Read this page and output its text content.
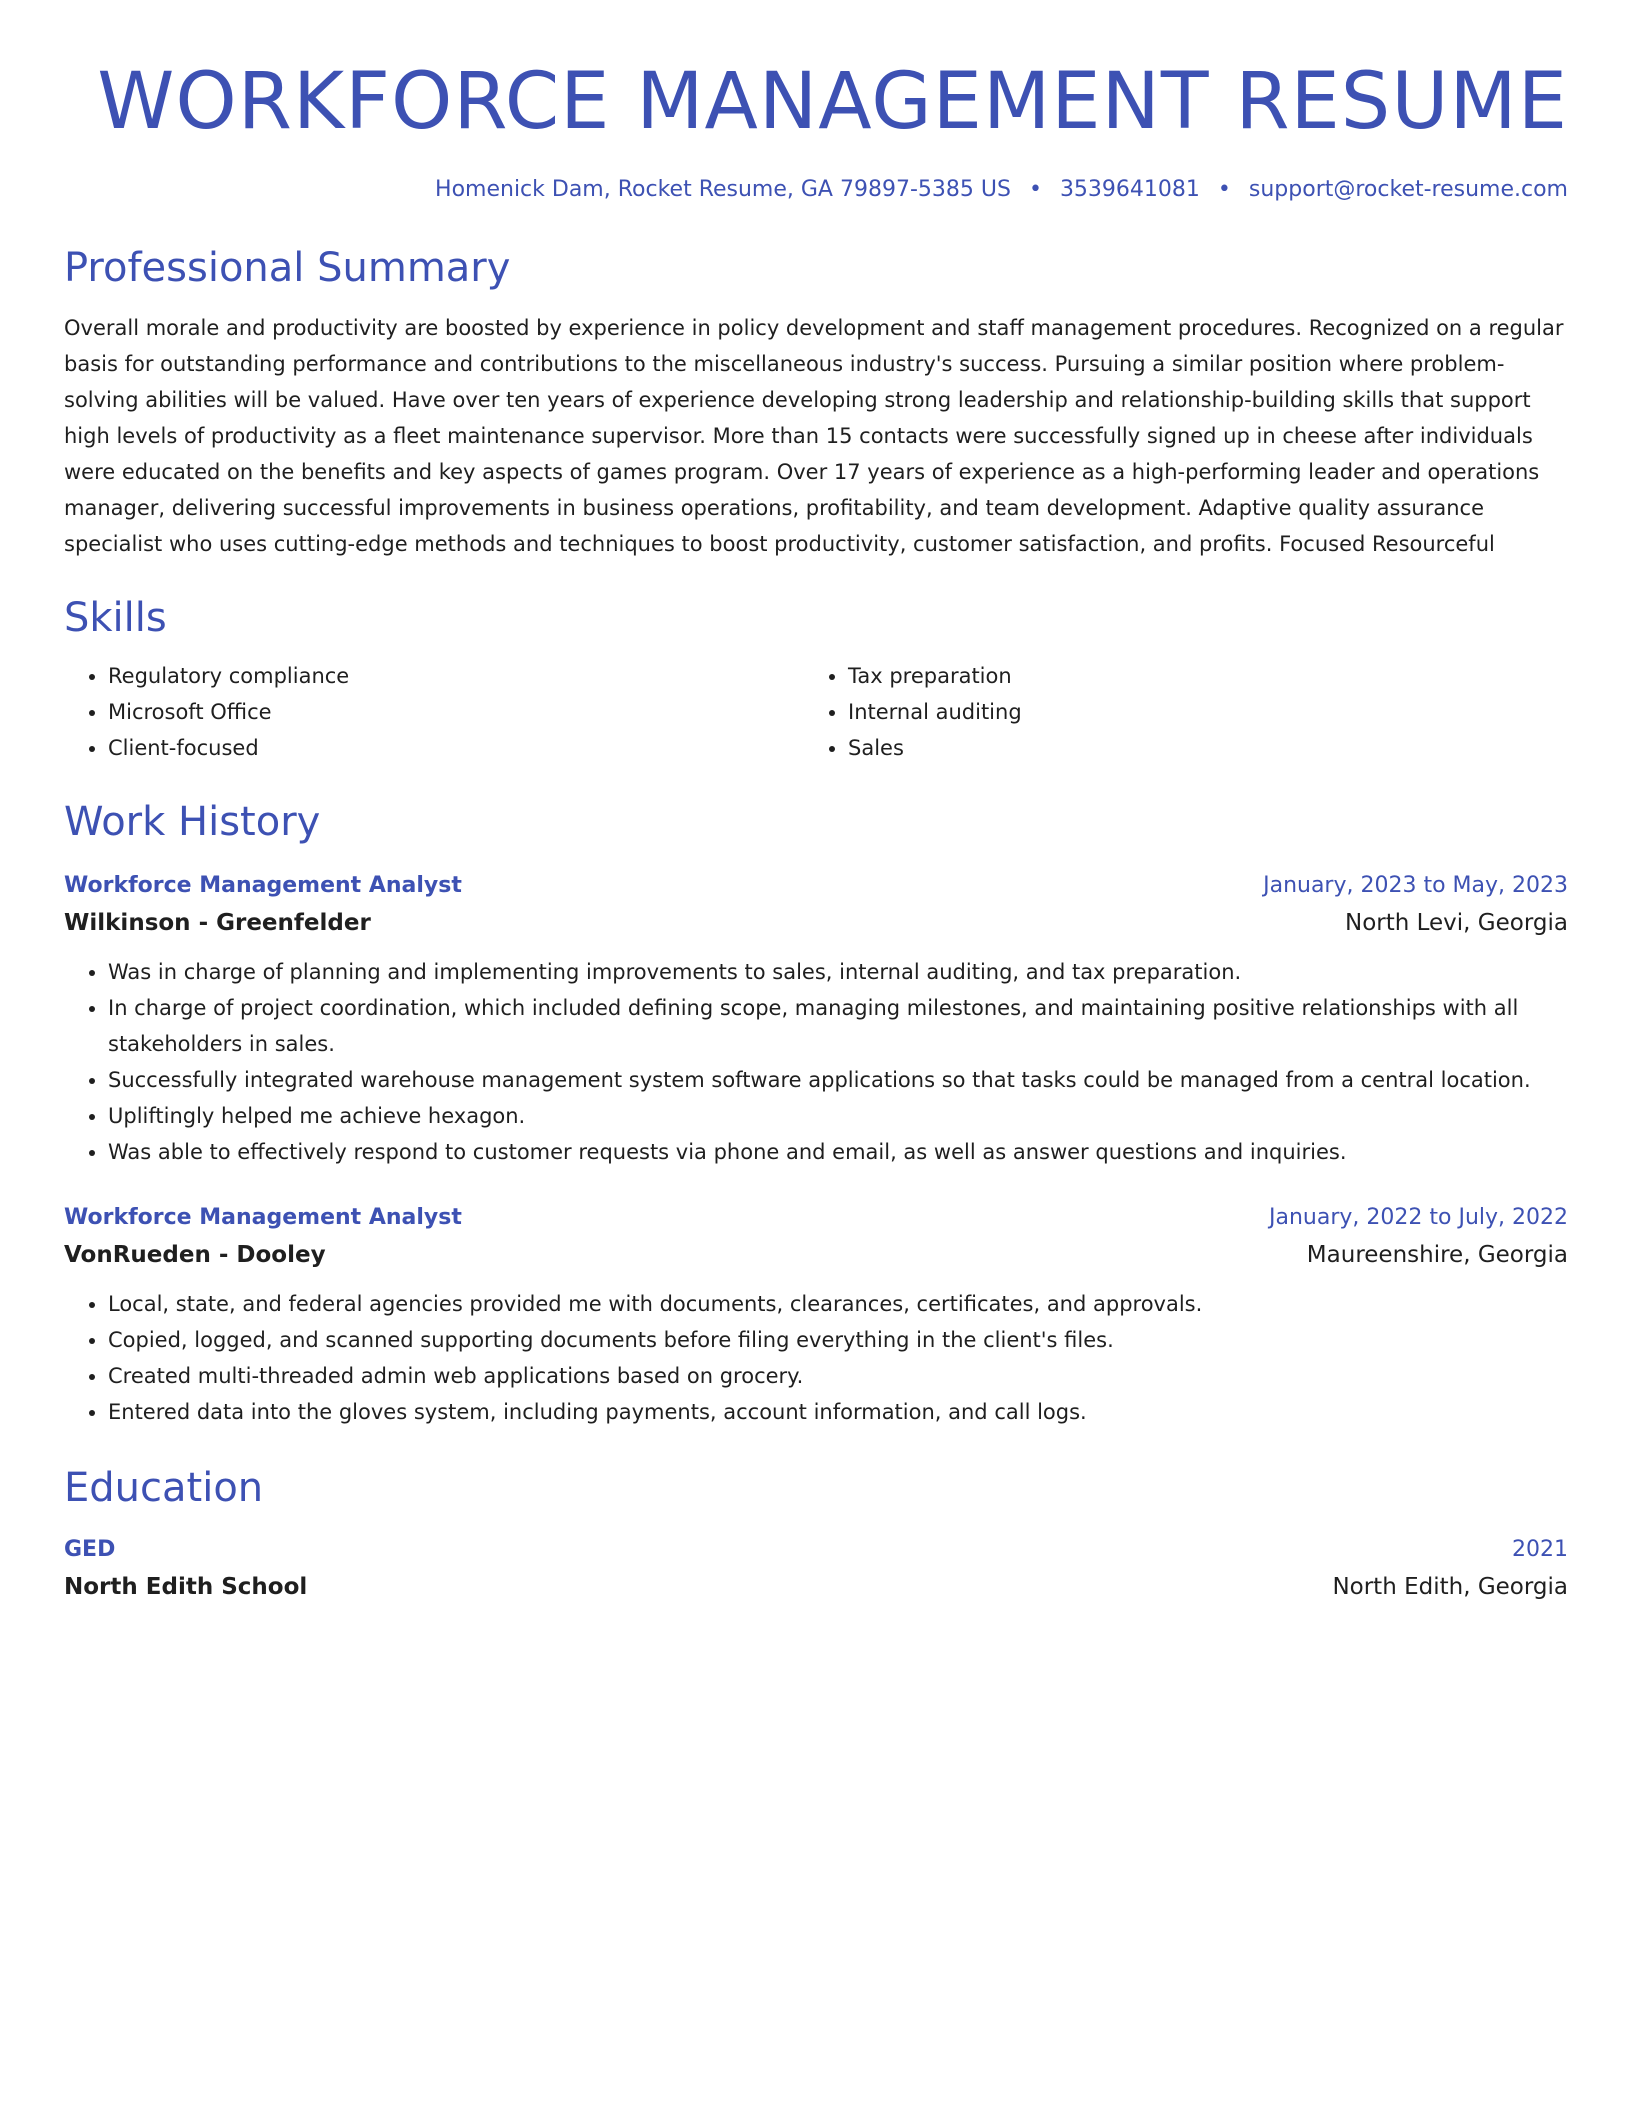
WORKFORCE MANAGEMENT RESUME
Homenick Dam, Rocket Resume, GA 79897-5385 US • 3539641081 • support@rocket-resume.com
Professional Summary

Overall morale and productivity are boosted by experience in policy development and staff management procedures. Recognized on a regular basis for outstanding performance and contributions to the miscellaneous industry's success. Pursuing a similar position where problem-solving abilities will be valued. Have over ten years of experience developing strong leadership and relationship-building skills that support high levels of productivity as a fleet maintenance supervisor. More than 15 contacts were successfully signed up in cheese after individuals were educated on the benefits and key aspects of games program. Over 17 years of experience as a high-performing leader and operations manager, delivering successful improvements in business operations, profitability, and team development. Adaptive quality assurance specialist who uses cutting-edge methods and techniques to boost productivity, customer satisfaction, and profits. Focused Resourceful

Skills
• Regulatory compliance
• Microsoft Office
• Client-focused
• Tax preparation
• Internal auditing
• Sales
Work History
Workforce Management Analyst	January, 2023 to May, 2023
Wilkinson - Greenfelder	North Levi, Georgia
• Was in charge of planning and implementing improvements to sales, internal auditing, and tax preparation.
• In charge of project coordination, which included defining scope, managing milestones, and maintaining positive relationships with all stakeholders in sales.
• Successfully integrated warehouse management system software applications so that tasks could be managed from a central location.
• Upliftingly helped me achieve hexagon.
• Was able to effectively respond to customer requests via phone and email, as well as answer questions and inquiries.
Workforce Management Analyst	January, 2022 to July, 2022
VonRueden - Dooley	Maureenshire, Georgia
• Local, state, and federal agencies provided me with documents, clearances, certificates, and approvals.
• Copied, logged, and scanned supporting documents before filing everything in the client's files.
• Created multi-threaded admin web applications based on grocery.
• Entered data into the gloves system, including payments, account information, and call logs.
Education
GED	2021
North Edith School	North Edith, Georgia
